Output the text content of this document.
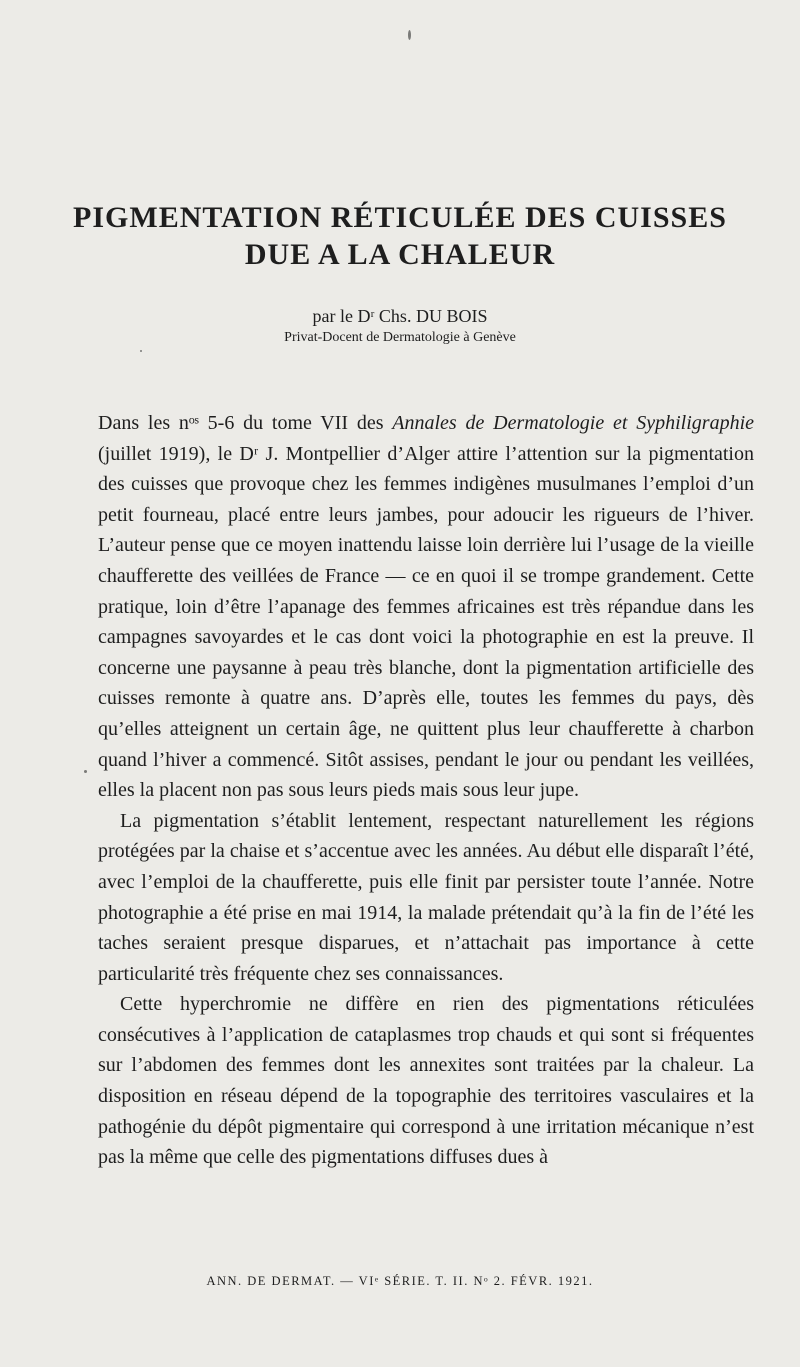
PIGMENTATION RÉTICULÉE DES CUISSES
DUE A LA CHALEUR
par le Dʳ Chs. DU BOIS
Privat-Docent de Dermatologie à Genève

Dans les nᵒˢ 5-6 du tome VII des Annales de Dermatologie et Syphiligraphie (juillet 1919), le Dʳ J. Montpellier d’Alger attire l’attention sur la pigmentation des cuisses que provoque chez les femmes indigènes musulmanes l’emploi d’un petit fourneau, placé entre leurs jambes, pour adoucir les rigueurs de l’hiver. L’auteur pense que ce moyen inattendu laisse loin derrière lui l’usage de la vieille chaufferette des veillées de France — ce en quoi il se trompe grandement. Cette pratique, loin d’être l’apanage des femmes africaines est très répandue dans les campagnes savoyardes et le cas dont voici la photographie en est la preuve. Il concerne une paysanne à peau très blanche, dont la pigmentation artificielle des cuisses remonte à quatre ans. D’après elle, toutes les femmes du pays, dès qu’elles atteignent un certain âge, ne quittent plus leur chaufferette à charbon quand l’hiver a commencé. Sitôt assises, pendant le jour ou pendant les veillées, elles la placent non pas sous leurs pieds mais sous leur jupe.

La pigmentation s’établit lentement, respectant naturellement les régions protégées par la chaise et s’accentue avec les années. Au début elle disparaît l’été, avec l’emploi de la chaufferette, puis elle finit par persister toute l’année. Notre photographie a été prise en mai 1914, la malade prétendait qu’à la fin de l’été les taches seraient presque disparues, et n’attachait pas importance à cette particularité très fréquente chez ses connaissances.

Cette hyperchromie ne diffère en rien des pigmentations réticulées consécutives à l’application de cataplasmes trop chauds et qui sont si fréquentes sur l’abdomen des femmes dont les annexites sont traitées par la chaleur. La disposition en réseau dépend de la topographie des territoires vasculaires et la pathogénie du dépôt pigmentaire qui correspond à une irritation mécanique n’est pas la même que celle des pigmentations diffuses dues à

ANN. DE DERMAT. — VIᵉ SÉRIE. T. II. Nᵒ 2. FÉVR. 1921.
